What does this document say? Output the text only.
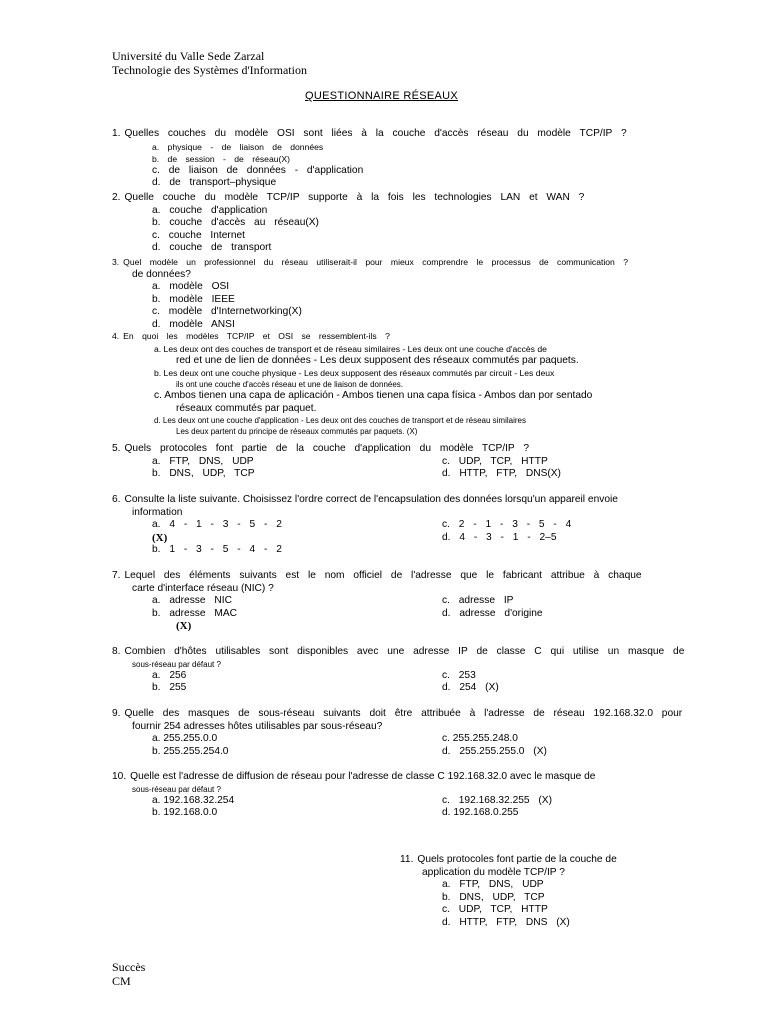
Université du Valle Sede Zarzal
Technologie des Systèmes d'Information
QUESTIONNAIRE RÉSEAUX
1. Quelles couches du modèle OSI sont liées à la couche d'accès réseau du modèle TCP/IP ?
a. physique - de liaison de données
b. de session - de réseau(X)
c. de liaison de données - d'application
d. de transport–physique
2. Quelle couche du modèle TCP/IP supporte à la fois les technologies LAN et WAN ?
a. couche d'application
b. couche d'accès au réseau(X)
c. couche Internet
d. couche de transport
3. Quel modèle un professionnel du réseau utiliserait-il pour mieux comprendre le processus de communication ?
de données?
a. modèle OSI
b. modèle IEEE
c. modèle d'Internetworking(X)
d. modèle ANSI
4. En quoi les modèles TCP/IP et OSI se ressemblent-ils ?
a. Les deux ont des couches de transport et de réseau similaires - Les deux ont une couche d'accès de
red et une de lien de données - Les deux supposent des réseaux commutés par paquets.
b. Les deux ont une couche physique - Les deux supposent des réseaux commutés par circuit - Les deux
ils ont une couche d'accès réseau et une de liaison de données.
c. Ambos tienen una capa de aplicación - Ambos tienen una capa física - Ambos dan por sentado
réseaux commutés par paquet.
d. Les deux ont une couche d'application - Les deux ont des couches de transport et de réseau similaires
Les deux partent du principe de réseaux commutés par paquets. (X)
5. Quels protocoles font partie de la couche d'application du modèle TCP/IP ?
a. FTP, DNS, UDP	c. UDP, TCP, HTTP
b. DNS, UDP, TCP	d. HTTP, FTP, DNS(X)
6. Consulte la liste suivante. Choisissez l'ordre correct de l'encapsulation des données lorsqu'un appareil envoie
information
a. 4 - 1 - 3 - 5 - 2	c. 2 - 1 - 3 - 5 - 4
(X)	d. 4 - 3 - 1 - 2–5
b. 1 - 3 - 5 - 4 - 2
7. Lequel des éléments suivants est le nom officiel de l'adresse que le fabricant attribue à chaque
carte d'interface réseau (NIC) ?
a. adresse NIC	c. adresse IP
b. adresse MAC	d. adresse d'origine
(X)
8. Combien d'hôtes utilisables sont disponibles avec une adresse IP de classe C qui utilise un masque de
sous-réseau par défaut ?
a. 256	c. 253
b. 255	d. 254 (X)
9. Quelle des masques de sous-réseau suivants doit être attribuée à l'adresse de réseau 192.168.32.0 pour
fournir 254 adresses hôtes utilisables par sous-réseau?
a. 255.255.0.0	c. 255.255.248.0
b. 255.255.254.0	d. 255.255.255.0 (X)
10. Quelle est l'adresse de diffusion de réseau pour l'adresse de classe C 192.168.32.0 avec le masque de
sous-réseau par défaut ?
a. 192.168.32.254	c. 192.168.32.255 (X)
b. 192.168.0.0	d. 192.168.0.255
11. Quels protocoles font partie de la couche de
application du modèle TCP/IP ?
a. FTP, DNS, UDP
b. DNS, UDP, TCP
c. UDP, TCP, HTTP
d. HTTP, FTP, DNS (X)
Succès
CM
